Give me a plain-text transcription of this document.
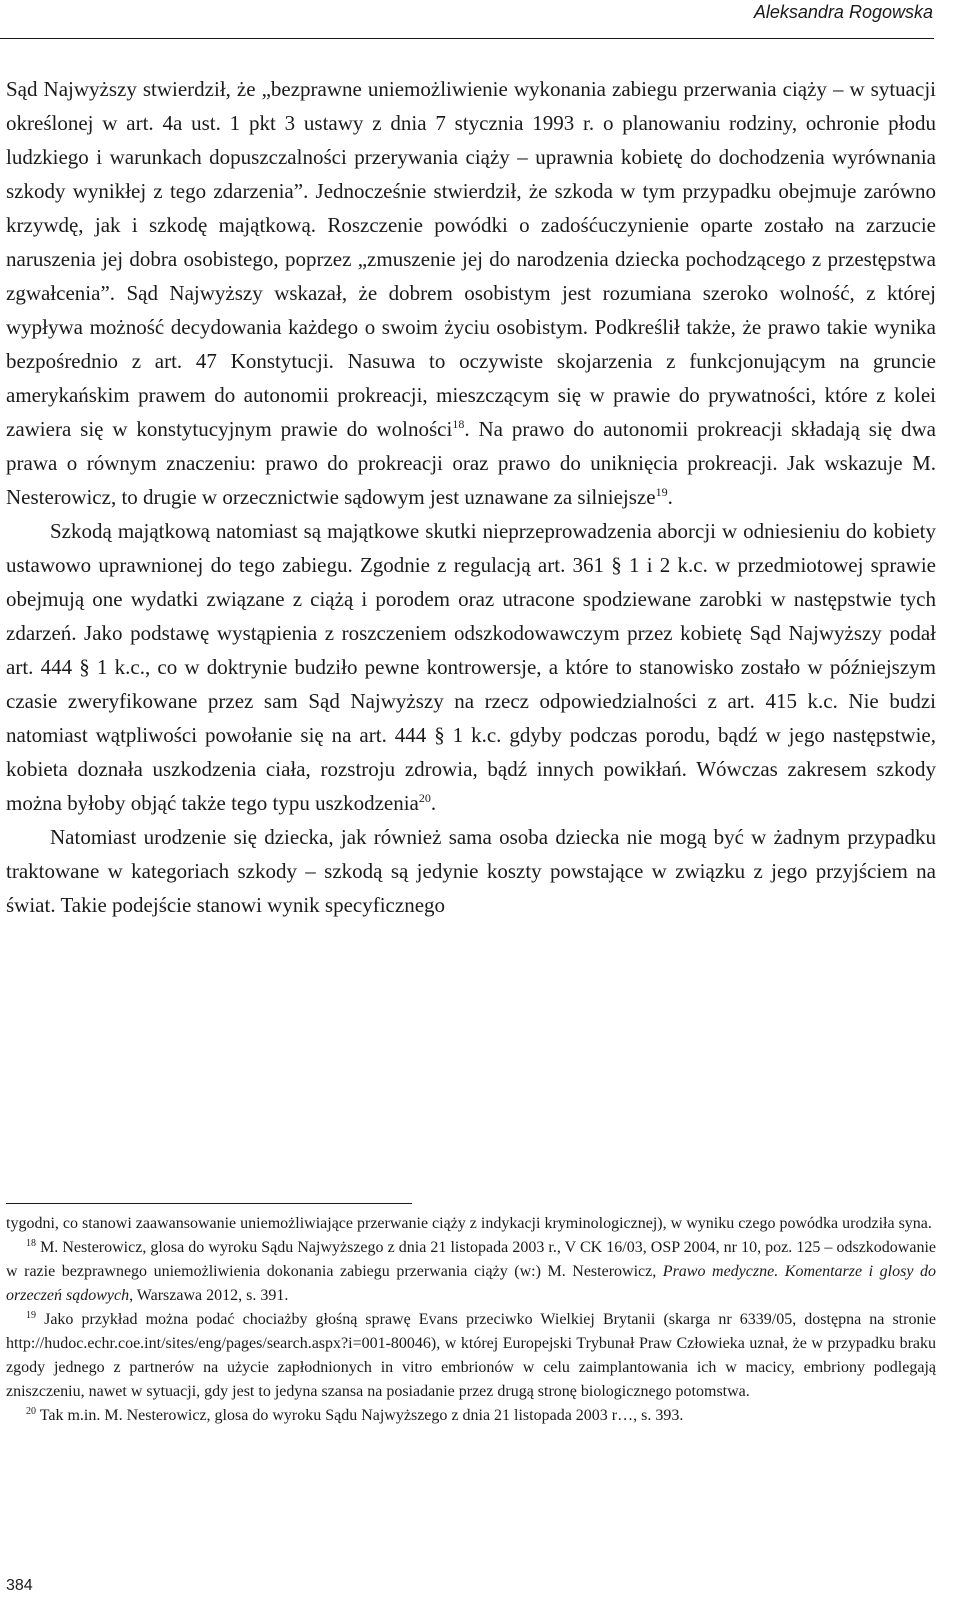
Aleksandra Rogowska

Sąd Najwyższy stwierdził, że „bezprawne uniemożliwienie wykonania zabiegu przerwania ciąży – w sytuacji określonej w art. 4a ust. 1 pkt 3 ustawy z dnia 7 stycznia 1993 r. o planowaniu rodziny, ochronie płodu ludzkiego i warunkach dopuszczalności przerywania ciąży – uprawnia kobietę do dochodzenia wyrównania szkody wynikłej z tego zdarzenia”. Jednocześnie stwierdził, że szkoda w tym przypadku obejmuje zarówno krzywdę, jak i szkodę majątkową. Roszczenie powódki o zadośćuczynienie oparte zostało na zarzucie naruszenia jej dobra osobistego, poprzez „zmuszenie jej do narodzenia dziecka pochodzącego z przestępstwa zgwałcenia”. Sąd Najwyższy wskazał, że dobrem osobistym jest rozumiana szeroko wolność, z której wypływa możność decydowania każdego o swoim życiu osobistym. Podkreślił także, że prawo takie wynika bezpośrednio z art. 47 Konstytucji. Nasuwa to oczywiste skojarzenia z funkcjonującym na gruncie amerykańskim prawem do autonomii prokreacji, mieszczącym się w prawie do prywatności, które z kolei zawiera się w konstytucyjnym prawie do wolności$^{18}$. Na prawo do autonomii prokreacji składają się dwa prawa o równym znaczeniu: prawo do prokreacji oraz prawo do uniknięcia prokreacji. Jak wskazuje M. Nesterowicz, to drugie w orzecznictwie sądowym jest uznawane za silniejsze$^{19}$.

Szkodą majątkową natomiast są majątkowe skutki nieprzeprowadzenia aborcji w odniesieniu do kobiety ustawowo uprawnionej do tego zabiegu. Zgodnie z regulacją art. 361 § 1 i 2 k.c. w przedmiotowej sprawie obejmują one wydatki związane z ciążą i porodem oraz utracone spodziewane zarobki w następstwie tych zdarzeń. Jako podstawę wystąpienia z roszczeniem odszkodowawczym przez kobietę Sąd Najwyższy podał art. 444 § 1 k.c., co w doktrynie budziło pewne kontrowersje, a które to stanowisko zostało w późniejszym czasie zweryfikowane przez sam Sąd Najwyższy na rzecz odpowiedzialności z art. 415 k.c. Nie budzi natomiast wątpliwości powołanie się na art. 444 § 1 k.c. gdyby podczas porodu, bądź w jego następstwie, kobieta doznała uszkodzenia ciała, rozstroju zdrowia, bądź innych powikłań. Wówczas zakresem szkody można byłoby objąć także tego typu uszkodzenia$^{20}$.

Natomiast urodzenie się dziecka, jak również sama osoba dziecka nie mogą być w żadnym przypadku traktowane w kategoriach szkody – szkodą są jedynie koszty powstające w związku z jego przyjściem na świat. Takie podejście stanowi wynik specyficznego

tygodni, co stanowi zaawansowanie uniemożliwiające przerwanie ciąży z indykacji kryminologicznej), w wyniku czego powódka urodziła syna.

$^{18}$ M. Nesterowicz, glosa do wyroku Sądu Najwyższego z dnia 21 listopada 2003 r., V CK 16/03, OSP 2004, nr 10, poz. 125 – odszkodowanie w razie bezprawnego uniemożliwienia dokonania zabiegu przerwania ciąży (w:) M. Nesterowicz, Prawo medyczne. Komentarze i glosy do orzeczeń sądowych, Warszawa 2012, s. 391.

$^{19}$ Jako przykład można podać chociażby głośną sprawę Evans przeciwko Wielkiej Brytanii (skarga nr 6339/05, dostępna na stronie http://hudoc.echr.coe.int/sites/eng/pages/search.aspx?i=001-80046), w której Europejski Trybunał Praw Człowieka uznał, że w przypadku braku zgody jednego z partnerów na użycie zapłodnionych in vitro embrionów w celu zaimplantowania ich w macicy, embriony podlegają zniszczeniu, nawet w sytuacji, gdy jest to jedyna szansa na posiadanie przez drugą stronę biologicznego potomstwa.

$^{20}$ Tak m.in. M. Nesterowicz, glosa do wyroku Sądu Najwyższego z dnia 21 listopada 2003 r…, s. 393.

384
